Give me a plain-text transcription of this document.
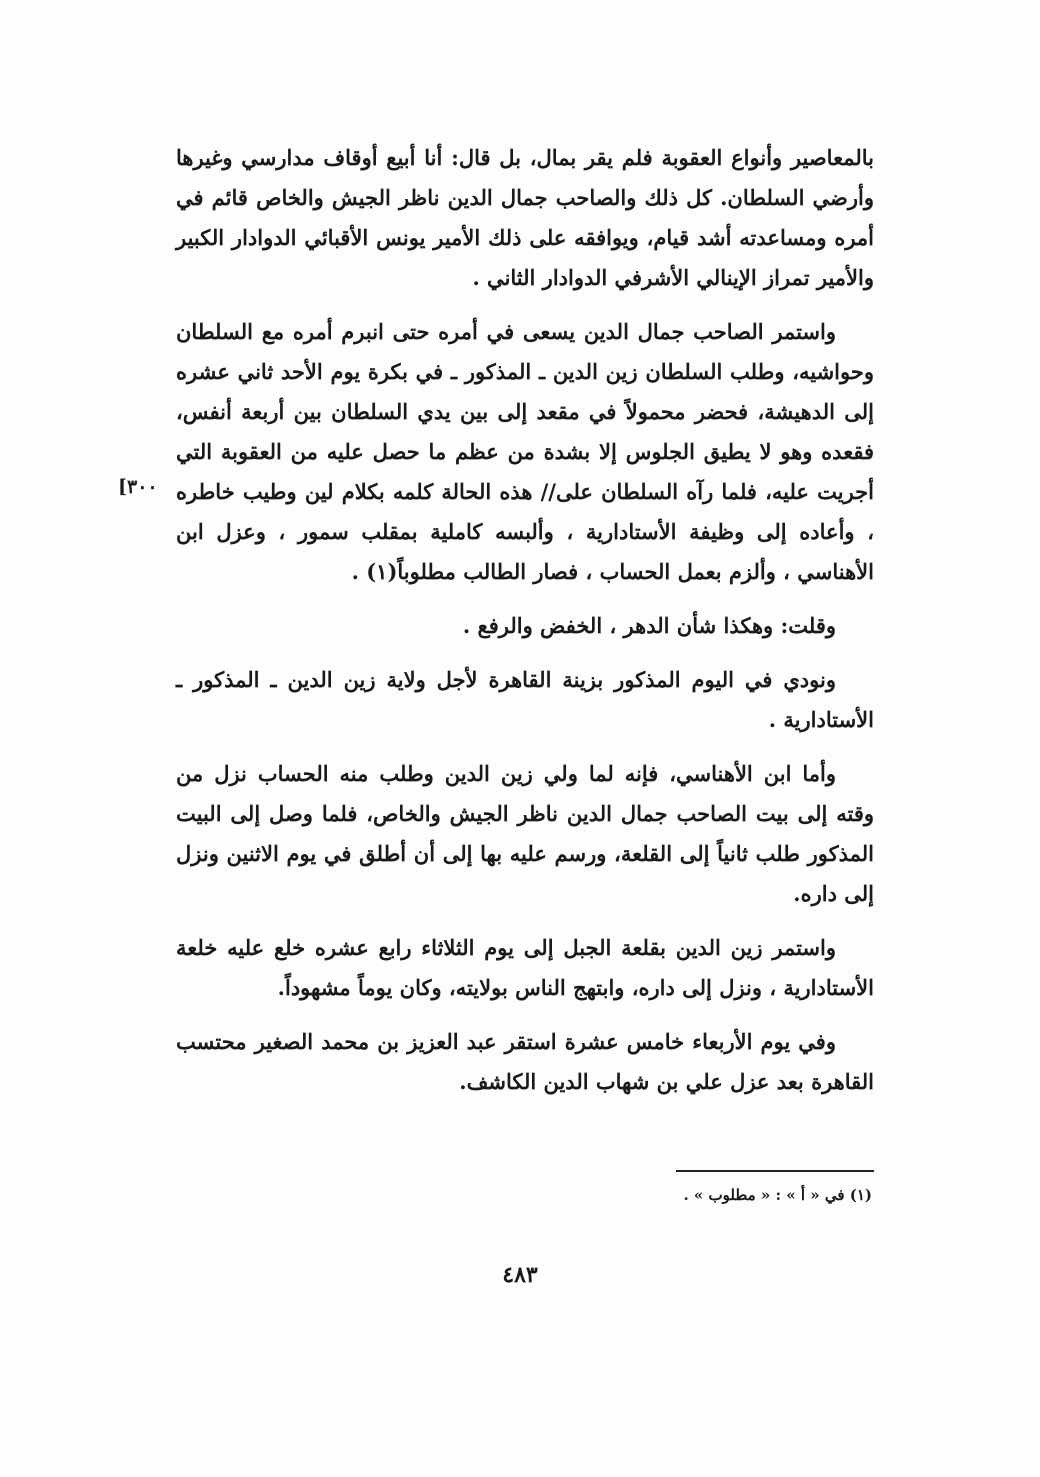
بالمعاصير وأنواع العقوبة فلم يقر بمال، بل قال: أنا أبيع أوقاف مدارسي وغيرها وأرضي السلطان. كل ذلك والصاحب جمال الدين ناظر الجيش والخاص قائم في أمره ومساعدته أشد قيام، ويوافقه على ذلك الأمير يونس الأقبائي الدوادار الكبير والأمير تمراز الإينالي الأشرفي الدوادار الثاني .

واستمر الصاحب جمال الدين يسعى في أمره حتى انبرم أمره مع السلطان وحواشيه، وطلب السلطان زين الدين ـ المذكور ـ في بكرة يوم الأحد ثاني عشره إلى الدهيشة، فحضر محمولاً في مقعد إلى بين يدي السلطان بين أربعة أنفس، فقعده وهو لا يطيق الجلوس إلا بشدة من عظم ما حصل عليه من العقوبة التي أجريت عليه، فلما رآه السلطان على// هذه الحالة كلمه بكلام لين وطيب خاطره ، وأعاده إلى وظيفة الأستادارية ، وألبسه كاملية بمقلب سمور ، وعزل ابن الأهناسي ، وألزم بعمل الحساب ، فصار الطالب مطلوباً(١) .

وقلت: وهكذا شأن الدهر ، الخفض والرفع .

ونودي في اليوم المذكور بزينة القاهرة لأجل ولاية زين الدين ـ المذكور ـ الأستادارية .

وأما ابن الأهناسي، فإنه لما ولي زين الدين وطلب منه الحساب نزل من وقته إلى بيت الصاحب جمال الدين ناظر الجيش والخاص، فلما وصل إلى البيت المذكور طلب ثانياً إلى القلعة، ورسم عليه بها إلى أن أطلق في يوم الاثنين ونزل إلى داره.

واستمر زين الدين بقلعة الجبل إلى يوم الثلاثاء رابع عشره خلع عليه خلعة الأستادارية ، ونزل إلى داره، وابتهج الناس بولايته، وكان يوماً مشهوداً.

وفي يوم الأربعاء خامس عشرة استقر عبد العزيز بن محمد الصغير محتسب القاهرة بعد عزل علي بن شهاب الدين الكاشف.

[٣٠٠
(١) في « أ » : « مطلوب » .
٤٨٣
